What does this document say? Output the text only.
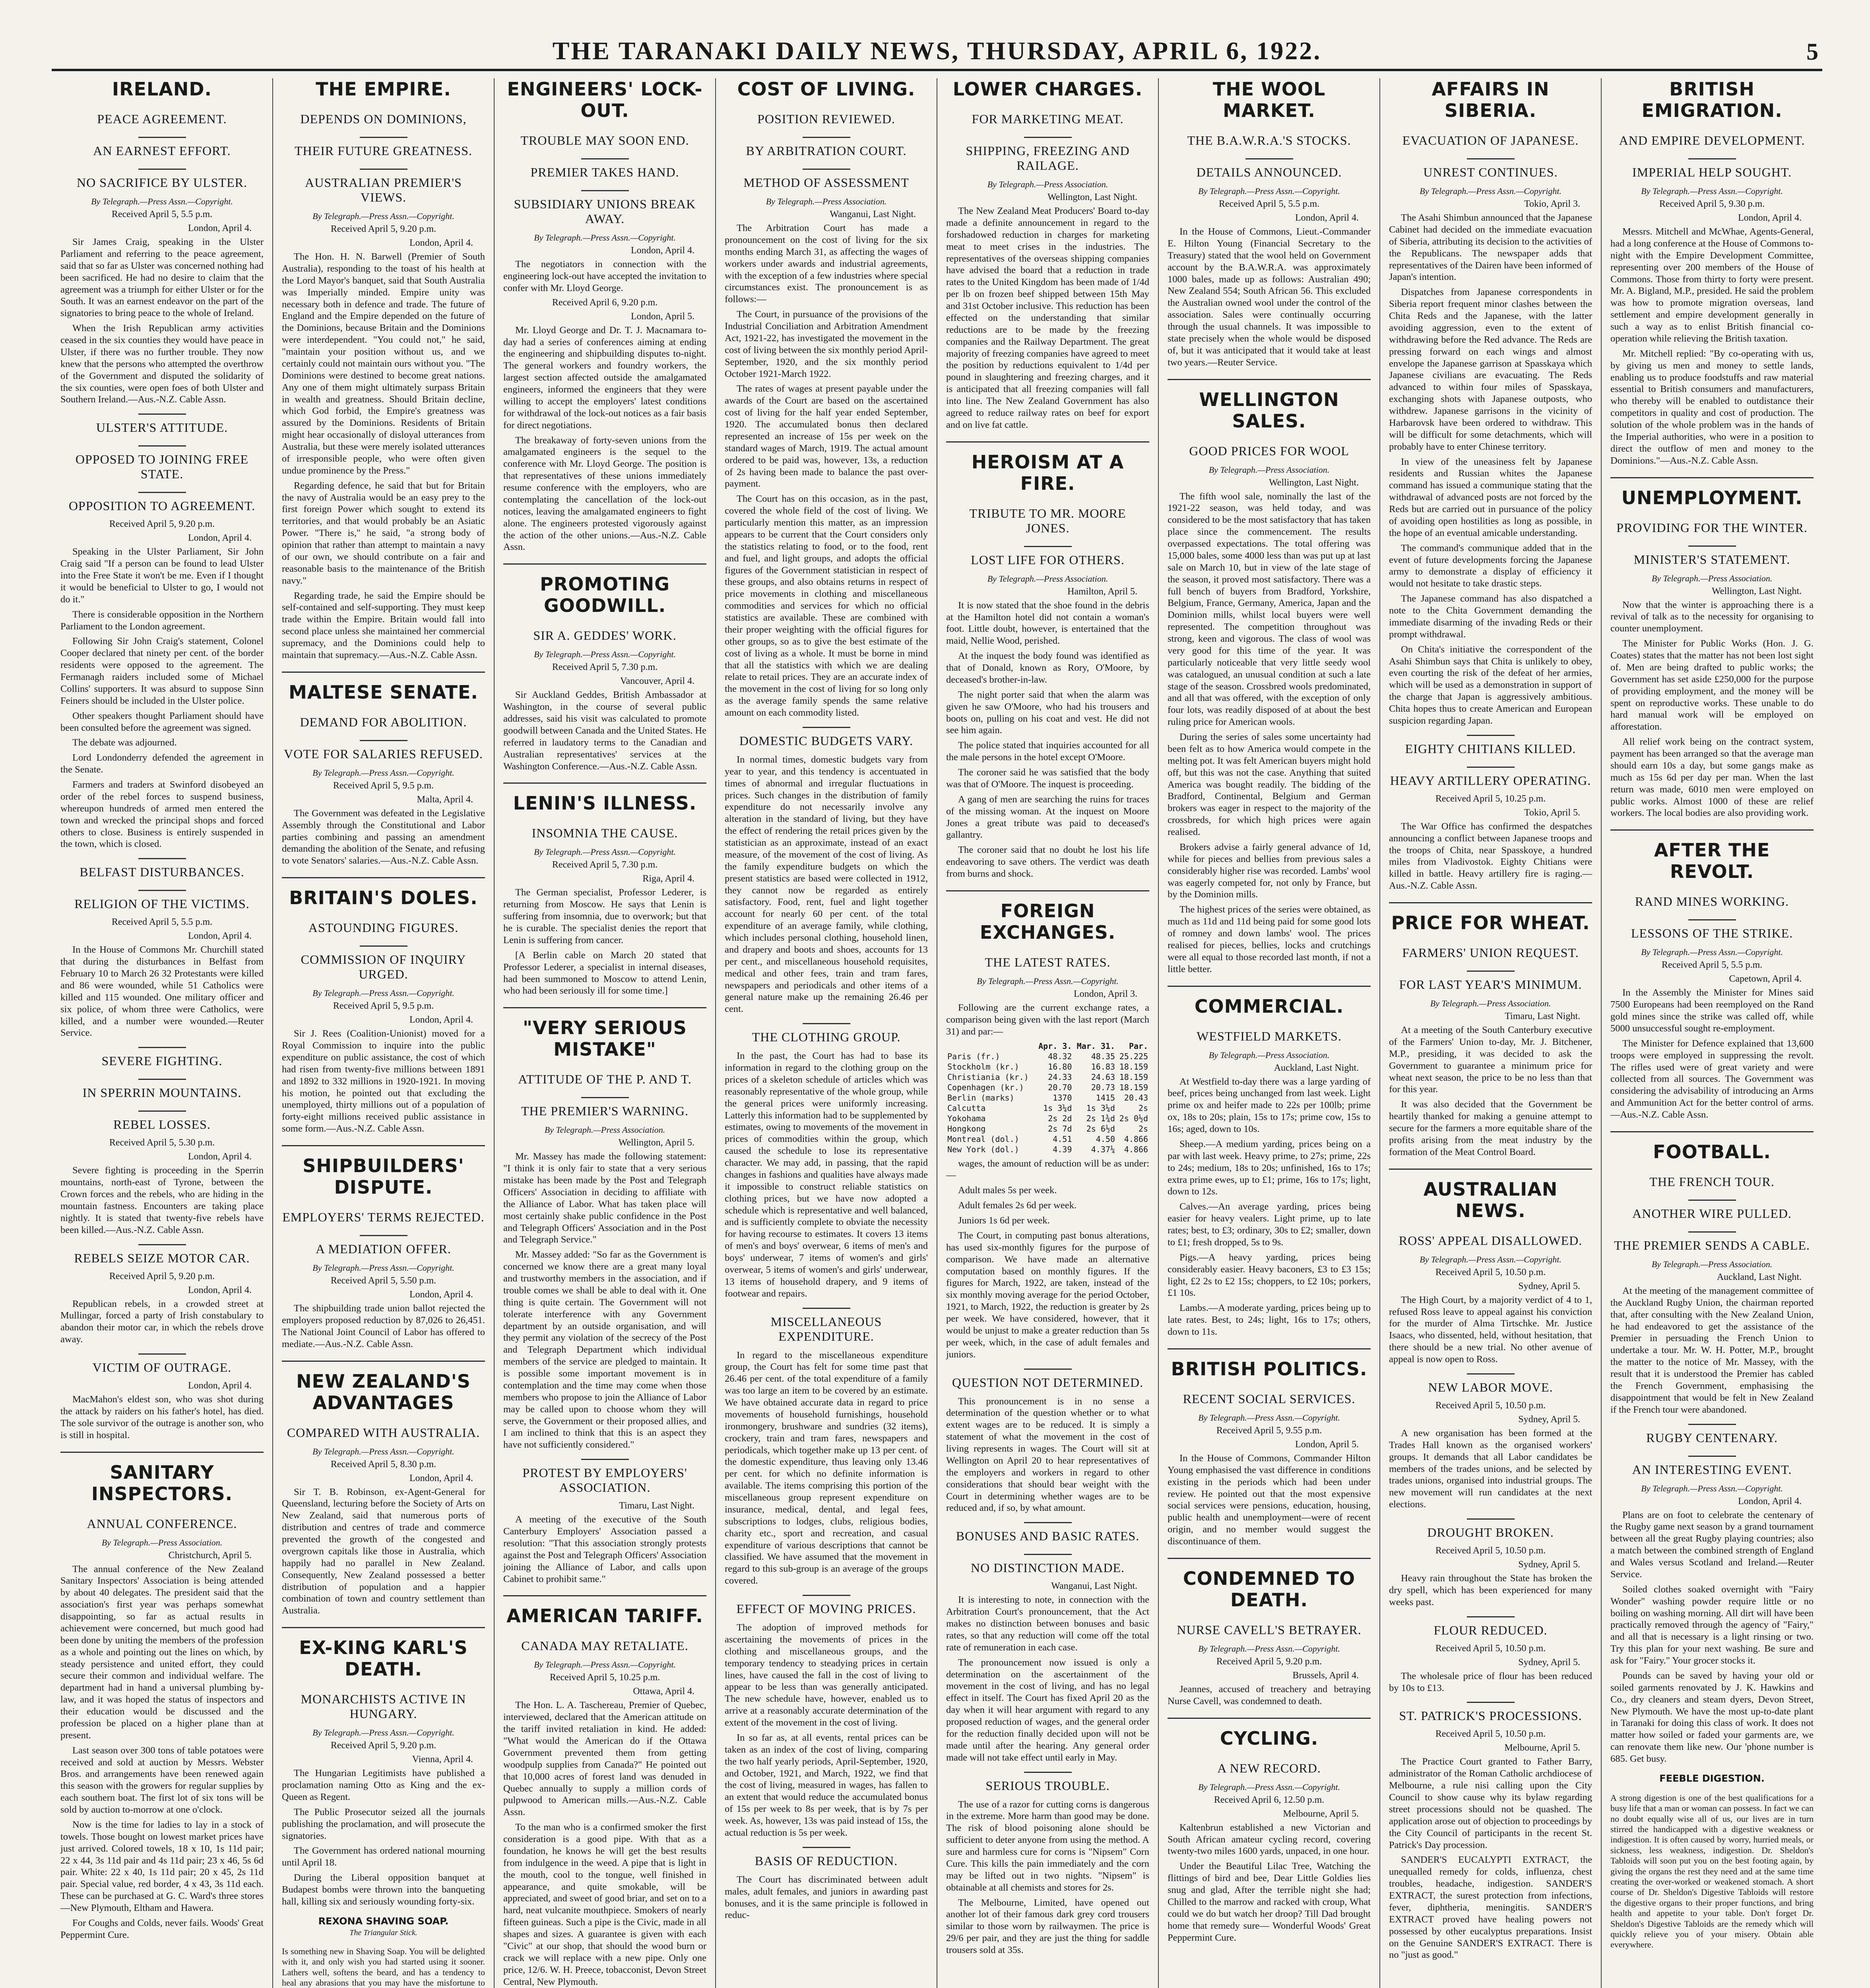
THE TARANAKI DAILY NEWS, THURSDAY, APRIL 6, 1922.	5
IRELAND.
PEACE AGREEMENT.
AN EARNEST EFFORT.
NO SACRIFICE BY ULSTER.
By Telegraph.—Press Assn.—Copyright.
Received April 5, 5.5 p.m.
London, April 4.

Sir James Craig, speaking in the Ulster Parliament and referring to the peace agreement, said that so far as Ulster was concerned nothing had been sacrificed. He had no desire to claim that the agreement was a triumph for either Ulster or for the South. It was an earnest endeavor on the part of the signatories to bring peace to the whole of Ireland.

When the Irish Republican army activities ceased in the six counties they would have peace in Ulster, if there was no further trouble. They now knew that the persons who attempted the overthrow of the Government and disputed the solidarity of the six counties, were open foes of both Ulster and Southern Ireland.—Aus.-N.Z. Cable Assn.

ULSTER'S ATTITUDE.
OPPOSED TO JOINING FREE STATE.
OPPOSITION TO AGREEMENT.
Received April 5, 9.20 p.m.
London, April 4.

Speaking in the Ulster Parliament, Sir John Craig said "If a person can be found to lead Ulster into the Free State it won't be me. Even if I thought it would be beneficial to Ulster to go, I would not do it."

There is considerable opposition in the Northern Parliament to the London agreement.

Following Sir John Craig's statement, Colonel Cooper declared that ninety per cent. of the border residents were opposed to the agreement. The Fermanagh raiders included some of Michael Collins' supporters. It was absurd to suppose Sinn Feiners should be included in the Ulster police.

Other speakers thought Parliament should have been consulted before the agreement was signed.

The debate was adjourned.

Lord Londonderry defended the agreement in the Senate.

Farmers and traders at Swinford disobeyed an order of the rebel forces to suspend business, whereupon hundreds of armed men entered the town and wrecked the principal shops and forced others to close. Business is entirely suspended in the town, which is closed.

BELFAST DISTURBANCES.
RELIGION OF THE VICTIMS.
Received April 5, 5.5 p.m.
London, April 4.

In the House of Commons Mr. Churchill stated that during the disturbances in Belfast from February 10 to March 26 32 Protestants were killed and 86 were wounded, while 51 Catholics were killed and 115 wounded. One military officer and six police, of whom three were Catholics, were killed, and a number were wounded.—Reuter Service.

SEVERE FIGHTING.
IN SPERRIN MOUNTAINS.
REBEL LOSSES.
Received April 5, 5.30 p.m.
London, April 4.

Severe fighting is proceeding in the Sperrin mountains, north-east of Tyrone, between the Crown forces and the rebels, who are hiding in the mountain fastness. Encounters are taking place nightly. It is stated that twenty-five rebels have been killed.—Aus.-N.Z. Cable Assn.

REBELS SEIZE MOTOR CAR.
Received April 5, 9.20 p.m.
London, April 4.

Republican rebels, in a crowded street at Mullingar, forced a party of Irish constabulary to abandon their motor car, in which the rebels drove away.

VICTIM OF OUTRAGE.
London, April 4.

MacMahon's eldest son, who was shot during the attack by raiders on his father's hotel, has died. The sole survivor of the outrage is another son, who is still in hospital.

SANITARY INSPECTORS.
ANNUAL CONFERENCE.
By Telegraph.—Press Association.
Christchurch, April 5.

The annual conference of the New Zealand Sanitary Inspectors' Association is being attended by about 40 delegates. The president said that the association's first year was perhaps somewhat disappointing, so far as actual results in achievement were concerned, but much good had been done by uniting the members of the profession as a whole and pointing out the lines on which, by steady persistence and united effort, they could secure their common and individual welfare. The department had in hand a universal plumbing by-law, and it was hoped the status of inspectors and their education would be discussed and the profession be placed on a higher plane than at present.

Last season over 300 tons of table potatoes were received and sold at auction by Messrs. Webster Bros. and arrangements have been renewed again this season with the growers for regular supplies by each southern boat. The first lot of six tons will be sold by auction to-morrow at one o'clock.

Now is the time for ladies to lay in a stock of towels. Those bought on lowest market prices have just arrived. Colored towels, 18 x 10, 1s 11d pair; 22 x 44, 3s 11d pair and 4s 11d pair; 23 x 46, 5s 6d pair. White: 22 x 40, 1s 11d pair; 20 x 45, 2s 11d pair. Special value, red border, 4 x 43, 3s 11d each. These can be purchased at G. C. Ward's three stores—New Plymouth, Eltham and Hawera.

For Coughs and Colds, never fails. Woods' Great Peppermint Cure.

THE EMPIRE.
DEPENDS ON DOMINIONS,
THEIR FUTURE GREATNESS.
AUSTRALIAN PREMIER'S VIEWS.
By Telegraph.—Press Assn.—Copyright.
Received April 5, 9.20 p.m.
London, April 4.

The Hon. H. N. Barwell (Premier of South Australia), responding to the toast of his health at the Lord Mayor's banquet, said that South Australia was Imperially minded. Empire unity was necessary both in defence and trade. The future of England and the Empire depended on the future of the Dominions, because Britain and the Dominions were interdependent. "You could not," he said, "maintain your position without us, and we certainly could not maintain ours without you. "The Dominions were destined to become great nations. Any one of them might ultimately surpass Britain in wealth and greatness. Should Britain decline, which God forbid, the Empire's greatness was assured by the Dominions. Residents of Britain might hear occasionally of disloyal utterances from Australia, but these were merely isolated utterances of irresponsible people, who were often given undue prominence by the Press."

Regarding defence, he said that but for Britain the navy of Australia would be an easy prey to the first foreign Power which sought to extend its territories, and that would probably be an Asiatic Power. "There is," he said, "a strong body of opinion that rather than attempt to maintain a navy of our own, we should contribute on a fair and reasonable basis to the maintenance of the British navy."

Regarding trade, he said the Empire should be self-contained and self-supporting. They must keep trade within the Empire. Britain would fall into second place unless she maintained her commercial supremacy, and the Dominions could help to maintain that supremacy.—Aus.-N.Z. Cable Assn.

MALTESE SENATE.
DEMAND FOR ABOLITION.
VOTE FOR SALARIES REFUSED.
By Telegraph.—Press Assn.—Copyright.
Received April 5, 9.5 p.m.
Malta, April 4.

The Government was defeated in the Legislative Assembly through the Constitutional and Labor parties combining and passing an amendment demanding the abolition of the Senate, and refusing to vote Senators' salaries.—Aus.-N.Z. Cable Assn.

BRITAIN'S DOLES.
ASTOUNDING FIGURES.
COMMISSION OF INQUIRY URGED.
By Telegraph.—Press Assn.—Copyright.
Received April 5, 9.5 p.m.
London, April 4.

Sir J. Rees (Coalition-Unionist) moved for a Royal Commission to inquire into the public expenditure on public assistance, the cost of which had risen from twenty-five millions between 1891 and 1892 to 332 millions in 1920-1921. In moving his motion, he pointed out that excluding the unemployed, thirty millions out of a population of forty-eight millions received public assistance in some form.—Aus.-N.Z. Cable Assn.

SHIPBUILDERS' DISPUTE.
EMPLOYERS' TERMS REJECTED.
A MEDIATION OFFER.
By Telegraph.—Press Assn.—Copyright.
Received April 5, 5.50 p.m.
London, April 4.

The shipbuilding trade union ballot rejected the employers proposed reduction by 87,026 to 26,451. The National Joint Council of Labor has offered to mediate.—Aus.-N.Z. Cable Assn.

NEW ZEALAND'S ADVANTAGES
COMPARED WITH AUSTRALIA.
By Telegraph.—Press Assn.—Copyright.
Received April 5, 8.30 p.m.
London, April 4.

Sir T. B. Robinson, ex-Agent-General for Queensland, lecturing before the Society of Arts on New Zealand, said that numerous ports of distribution and centres of trade and commerce prevented the growth of the congested and overgrown capitals like those in Australia, which happily had no parallel in New Zealand. Consequently, New Zealand possessed a better distribution of population and a happier combination of town and country settlement than Australia.

EX-KING KARL'S DEATH.
MONARCHISTS ACTIVE IN HUNGARY.
By Telegraph.—Press Assn.—Copyright.
Received April 5, 9.20 p.m.
Vienna, April 4.

The Hungarian Legitimists have published a proclamation naming Otto as King and the ex-Queen as Regent.

The Public Prosecutor seized all the journals publishing the proclamation, and will prosecute the signatories.

The Government has ordered national mourning until April 18.

During the Liberal opposition banquet at Budapest bombs were thrown into the banqueting hall, killing six and seriously wounding forty-six.

REXONA SHAVING SOAP.
The Triangular Stick.

Is something new in Shaving Soap. You will be delighted with it, and only wish you had started using it sooner. Lathers well, softens the beard, and has a tendency to heal any abrasions that you may have the misfortune to

ENGINEERS' LOCK-OUT.
TROUBLE MAY SOON END.
PREMIER TAKES HAND.
SUBSIDIARY UNIONS BREAK AWAY.
By Telegraph.—Press Assn.—Copyright.
London, April 4.

The negotiators in connection with the engineering lock-out have accepted the invitation to confer with Mr. Lloyd George.

Received April 6, 9.20 p.m.
London, April 5.

Mr. Lloyd George and Dr. T. J. Macnamara to-day had a series of conferences aiming at ending the engineering and shipbuilding disputes to-night. The general workers and foundry workers, the largest section affected outside the amalgamated engineers, informed the engineers that they were willing to accept the employers' latest conditions for withdrawal of the lock-out notices as a fair basis for direct negotiations.

The breakaway of forty-seven unions from the amalgamated engineers is the sequel to the conference with Mr. Lloyd George. The position is that representatives of these unions immediately resume conference with the employers, who are contemplating the cancellation of the lock-out notices, leaving the amalgamated engineers to fight alone. The engineers protested vigorously against the action of the other unions.—Aus.-N.Z. Cable Assn.

PROMOTING GOODWILL.
SIR A. GEDDES' WORK.
By Telegraph.—Press Assn.—Copyright.
Received April 5, 7.30 p.m.
Vancouver, April 4.

Sir Auckland Geddes, British Ambassador at Washington, in the course of several public addresses, said his visit was calculated to promote goodwill between Canada and the United States. He referred in laudatory terms to the Canadian and Australian representatives' services at the Washington Conference.—Aus.-N.Z. Cable Assn.

LENIN'S ILLNESS.
INSOMNIA THE CAUSE.
By Telegraph.—Press Assn.—Copyright.
Received April 5, 7.30 p.m.
Riga, April 4.

The German specialist, Professor Lederer, is returning from Moscow. He says that Lenin is suffering from insomnia, due to overwork; but that he is curable. The specialist denies the report that Lenin is suffering from cancer.

[A Berlin cable on March 20 stated that Professor Lederer, a specialist in internal diseases, had been summoned to Moscow to attend Lenin, who had been seriously ill for some time.]

"VERY SERIOUS MISTAKE"
ATTITUDE OF THE P. AND T.
THE PREMIER'S WARNING.
By Telegraph.—Press Association.
Wellington, April 5.

Mr. Massey has made the following statement: "I think it is only fair to state that a very serious mistake has been made by the Post and Telegraph Officers' Association in deciding to affiliate with the Alliance of Labor. What has taken place will most certainly shake public confidence in the Post and Telegraph Officers' Association and in the Post and Telegraph Service."

Mr. Massey added: "So far as the Government is concerned we know there are a great many loyal and trustworthy members in the association, and if trouble comes we shall be able to deal with it. One thing is quite certain. The Government will not tolerate interference with any Government department by an outside organisation, and will they permit any violation of the secrecy of the Post and Telegraph Department which individual members of the service are pledged to maintain. It is possible some important movement is in contemplation and the time may come when those members who propose to join the Alliance of Labor may be called upon to choose whom they will serve, the Government or their proposed allies, and I am inclined to think that this is an aspect they have not sufficiently considered."

PROTEST BY EMPLOYERS' ASSOCIATION.
Timaru, Last Night.

A meeting of the executive of the South Canterbury Employers' Association passed a resolution: "That this association strongly protests against the Post and Telegraph Officers' Association joining the Alliance of Labor, and calls upon Cabinet to prohibit same."

AMERICAN TARIFF.
CANADA MAY RETALIATE.
By Telegraph.—Press Assn.—Copyright.
Received April 5, 10.25 p.m.
Ottawa, April 4.

The Hon. L. A. Taschereau, Premier of Quebec, interviewed, declared that the American attitude on the tariff invited retaliation in kind. He added: "What would the American do if the Ottawa Government prevented them from getting woodpulp supplies from Canada?" He pointed out that 10,000 acres of forest land was denuded in Quebec annually to supply a million cords of pulpwood to American mills.—Aus.-N.Z. Cable Assn.

To the man who is a confirmed smoker the first consideration is a good pipe. With that as a foundation, he knows he will get the best results from indulgence in the weed. A pipe that is light in the mouth, cool to the tongue, well finished in appearance, and quite smokable, will be appreciated, and sweet of good briar, and set on to a hard, neat vulcanite mouthpiece. Smokers of nearly fifteen guineas. Such a pipe is the Civic, made in all shapes and sizes. A guarantee is given with each "Civic" at our shop, that should the wood burn or crack we will replace with a new pipe. Only one price, 12/6. W. H. Preece, tobacconist, Devon Street Central, New Plymouth.

COST OF LIVING.
POSITION REVIEWED.
BY ARBITRATION COURT.
METHOD OF ASSESSMENT
By Telegraph.—Press Association.
Wanganui, Last Night.

The Arbitration Court has made a pronouncement on the cost of living for the six months ending March 31, as affecting the wages of workers under awards and industrial agreements, with the exception of a few industries where special circumstances exist. The pronouncement is as follows:—

The Court, in pursuance of the provisions of the Industrial Conciliation and Arbitration Amendment Act, 1921-22, has investigated the movement in the cost of living between the six monthly period April-September, 1920, and the six monthly period October 1921-March 1922.

The rates of wages at present payable under the awards of the Court are based on the ascertained cost of living for the half year ended September, 1920. The accumulated bonus then declared represented an increase of 15s per week on the standard wages of March, 1919. The actual amount ordered to be paid was, however, 13s, a reduction of 2s having been made to balance the past over-payment.

The Court has on this occasion, as in the past, covered the whole field of the cost of living. We particularly mention this matter, as an impression appears to be current that the Court considers only the statistics relating to food, or to the food, rent and fuel, and light groups, and adopts the official figures of the Government statistician in respect of these groups, and also obtains returns in respect of price movements in clothing and miscellaneous commodities and services for which no official statistics are available. These are combined with their proper weighting with the official figures for other groups, so as to give the best estimate of the cost of living as a whole. It must be borne in mind that all the statistics with which we are dealing relate to retail prices. They are an accurate index of the movement in the cost of living for so long only as the average family spends the same relative amount on each commodity listed.

DOMESTIC BUDGETS VARY.

In normal times, domestic budgets vary from year to year, and this tendency is accentuated in times of abnormal and irregular fluctuations in prices. Such changes in the distribution of family expenditure do not necessarily involve any alteration in the standard of living, but they have the effect of rendering the retail prices given by the statistician as an approximate, instead of an exact measure, of the movement of the cost of living. As the family expenditure budgets on which the present statistics are based were collected in 1912, they cannot now be regarded as entirely satisfactory. Food, rent, fuel and light together account for nearly 60 per cent. of the total expenditure of an average family, while clothing, which includes personal clothing, household linen, and drapery and boots and shoes, accounts for 13 per cent., and miscellaneous household requisites, medical and other fees, train and tram fares, newspapers and periodicals and other items of a general nature make up the remaining 26.46 per cent.

THE CLOTHING GROUP.

In the past, the Court has had to base its information in regard to the clothing group on the prices of a skeleton schedule of articles which was reasonably representative of the whole group, while the general prices were uniformly increasing. Latterly this information had to be supplemented by estimates, owing to movements of the movement in prices of commodities within the group, which caused the schedule to lose its representative character. We may add, in passing, that the rapid changes in fashions and qualities have always made it impossible to construct reliable statistics on clothing prices, but we have now adopted a schedule which is representative and well balanced, and is sufficiently complete to obviate the necessity for having recourse to estimates. It covers 13 items of men's and boys' overwear, 6 items of men's and boys' underwear, 7 items of women's and girls' overwear, 5 items of women's and girls' underwear, 13 items of household drapery, and 9 items of footwear and repairs.

MISCELLANEOUS EXPENDITURE.

In regard to the miscellaneous expenditure group, the Court has felt for some time past that 26.46 per cent. of the total expenditure of a family was too large an item to be covered by an estimate. We have obtained accurate data in regard to price movements of household furnishings, household ironmongery, brushware and sundries (32 items), crockery, train and tram fares, newspapers and periodicals, which together make up 13 per cent. of the domestic expenditure, thus leaving only 13.46 per cent. for which no definite information is available. The items comprising this portion of the miscellaneous group represent expenditure on insurance, medical, dental, and legal fees, subscriptions to lodges, clubs, religious bodies, charity etc., sport and recreation, and casual expenditure of various descriptions that cannot be classified. We have assumed that the movement in regard to this sub-group is an average of the groups covered.

EFFECT OF MOVING PRICES.

The adoption of improved methods for ascertaining the movements of prices in the clothing and miscellaneous groups, and the temporary tendency to steadying prices in certain lines, have caused the fall in the cost of living to appear to be less than was generally anticipated. The new schedule have, however, enabled us to arrive at a reasonably accurate determination of the extent of the movement in the cost of living.

In so far as, at all events, rental prices can be taken as an index of the cost of living, comparing the two half yearly periods, April-September, 1920, and October, 1921, and March, 1922, we find that the cost of living, measured in wages, has fallen to an extent that would reduce the accumulated bonus of 15s per week to 8s per week, that is by 7s per week. As, however, 13s was paid instead of 15s, the actual reduction is 5s per week.

BASIS OF REDUCTION.

The Court has discriminated between adult males, adult females, and juniors in awarding past bonuses, and it is the same principle is followed in reduc-

LOWER CHARGES.
FOR MARKETING MEAT.
SHIPPING, FREEZING AND RAILAGE.
By Telegraph.—Press Association.
Wellington, Last Night.

The New Zealand Meat Producers' Board to-day made a definite announcement in regard to the forshadowed reduction in charges for marketing meat to meet crises in the industries. The representatives of the overseas shipping companies have advised the board that a reduction in trade rates to the United Kingdom has been made of 1/4d per lb on frozen beef shipped between 15th May and 31st October inclusive. This reduction has been effected on the understanding that similar reductions are to be made by the freezing companies and the Railway Department. The great majority of freezing companies have agreed to meet the position by reductions equivalent to 1/4d per pound in slaughtering and freezing charges, and it is anticipated that all freezing companies will fall into line. The New Zealand Government has also agreed to reduce railway rates on beef for export and on live fat cattle.

HEROISM AT A FIRE.
TRIBUTE TO MR. MOORE JONES.
LOST LIFE FOR OTHERS.
By Telegraph.—Press Association.
Hamilton, April 5.

It is now stated that the shoe found in the debris at the Hamilton hotel did not contain a woman's foot. Little doubt, however, is entertained that the maid, Nellie Wood, perished.

At the inquest the body found was identified as that of Donald, known as Rory, O'Moore, by deceased's brother-in-law.

The night porter said that when the alarm was given he saw O'Moore, who had his trousers and boots on, pulling on his coat and vest. He did not see him again.

The police stated that inquiries accounted for all the male persons in the hotel except O'Moore.

The coroner said he was satisfied that the body was that of O'Moore. The inquest is proceeding.

A gang of men are searching the ruins for traces of the missing woman. At the inquest on Moore Jones a great tribute was paid to deceased's gallantry.

The coroner said that no doubt he lost his life endeavoring to save others. The verdict was death from burns and shock.

FOREIGN EXCHANGES.
THE LATEST RATES.
By Telegraph.—Press Assn.—Copyright.
London, April 3.

Following are the current exchange rates, a comparison being given with the last report (March 31) and par:—

	Apr. 3.	Mar. 31.	Par.
Paris (fr.)	48.32	48.35	25.225
Stockholm (kr.)	16.80	16.83	18.159
Christiania (kr.)	24.33	24.63	18.159
Copenhagen (kr.)	20.70	20.73	18.159
Berlin (marks)	1370	1415	20.43
Calcutta	1s 3¼d	1s 3¼d	2s
Yokohama	2s 2d	2s 1¾d	2s 0½d
Hongkong	2s 7d	2s 6½d	2s
Montreal (dol.)	4.51	4.50	4.866
New York (dol.)	4.39	4.37¼	4.866

wages, the amount of reduction will be as under:—

Adult males 5s per week.

Adult females 2s 6d per week.

Juniors 1s 6d per week.

The Court, in computing past bonus alterations, has used six-monthly figures for the purpose of comparison. We have made an alternative computation based on monthly figures. If the figures for March, 1922, are taken, instead of the six monthly moving average for the period October, 1921, to March, 1922, the reduction is greater by 2s per week. We have considered, however, that it would be unjust to make a greater reduction than 5s per week, which, in the case of adult females and juniors.

QUESTION NOT DETERMINED.

This pronouncement is in no sense a determination of the question whether or to what extent wages are to be reduced. It is simply a statement of what the movement in the cost of living represents in wages. The Court will sit at Wellington on April 20 to hear representatives of the employers and workers in regard to other considerations that should bear weight with the Court in determining whether wages are to be reduced and, if so, by what amount.

BONUSES AND BASIC RATES.
NO DISTINCTION MADE.
Wanganui, Last Night.

It is interesting to note, in connection with the Arbitration Court's pronouncement, that the Act makes no distinction between bonuses and basic rates, so that any reduction will come off the total rate of remuneration in each case.

The pronouncement now issued is only a determination on the ascertainment of the movement in the cost of living, and has no legal effect in itself. The Court has fixed April 20 as the day when it will hear argument with regard to any proposed reduction of wages, and the general order for the reduction finally decided upon will not be made until after the hearing. Any general order made will not take effect until early in May.

SERIOUS TROUBLE.

The use of a razor for cutting corns is dangerous in the extreme. More harm than good may be done. The risk of blood poisoning alone should be sufficient to deter anyone from using the method. A sure and harmless cure for corns is "Nipsem" Corn Cure. This kills the pain immediately and the corn may be lifted out in two nights. "Nipsem" is obtainable at all chemists and stores for 2s.

The Melbourne, Limited, have opened out another lot of their famous dark grey cord trousers similar to those worn by railwaymen. The price is 29/6 per pair, and they are just the thing for saddle trousers sold at 35s.

THE WOOL MARKET.
THE B.A.W.R.A.'S STOCKS.
DETAILS ANNOUNCED.
By Telegraph.—Press Assn.—Copyright.
Received April 5, 5.5 p.m.
London, April 4.

In the House of Commons, Lieut.-Commander E. Hilton Young (Financial Secretary to the Treasury) stated that the wool held on Government account by the B.A.W.R.A. was approximately 1000 bales, made up as follows: Australian 490; New Zealand 554; South African 56. This excluded the Australian owned wool under the control of the association. Sales were continually occurring through the usual channels. It was impossible to state precisely when the whole would be disposed of, but it was anticipated that it would take at least two years.—Reuter Service.

WELLINGTON SALES.
GOOD PRICES FOR WOOL
By Telegraph.—Press Association.
Wellington, Last Night.

The fifth wool sale, nominally the last of the 1921-22 season, was held today, and was considered to be the most satisfactory that has taken place since the commencement. The results overpassed expectations. The total offering was 15,000 bales, some 4000 less than was put up at last sale on March 10, but in view of the late stage of the season, it proved most satisfactory. There was a full bench of buyers from Bradford, Yorkshire, Belgium, France, Germany, America, Japan and the Dominion mills, whilst local buyers were well represented. The competition throughout was strong, keen and vigorous. The class of wool was very good for this time of the year. It was particularly noticeable that very little seedy wool was catalogued, an unusual condition at such a late stage of the season. Crossbred wools predominated, and all that was offered, with the exception of only four lots, was readily disposed of at about the best ruling price for American wools.

During the series of sales some uncertainty had been felt as to how America would compete in the melting pot. It was felt American buyers might hold off, but this was not the case. Anything that suited America was bought readily. The bidding of the Bradford, Continental, Belgium and German brokers was eager in respect to the majority of the crossbreds, for which high prices were again realised.

Brokers advise a fairly general advance of 1d, while for pieces and bellies from previous sales a considerably higher rise was recorded. Lambs' wool was eagerly competed for, not only by France, but by the Dominion mills.

The highest prices of the series were obtained, as much as 11d and 11d being paid for some good lots of romney and down lambs' wool. The prices realised for pieces, bellies, locks and crutchings were all equal to those recorded last month, if not a little better.

COMMERCIAL.
WESTFIELD MARKETS.
By Telegraph.—Press Association.
Auckland, Last Night.

At Westfield to-day there was a large yarding of beef, prices being unchanged from last week. Light prime ox and heifer made to 22s per 100lb; prime ox, 18s to 20s; plain, 15s to 17s; prime cow, 15s to 16s; aged, down to 10s.

Sheep.—A medium yarding, prices being on a par with last week. Heavy prime, to 27s; prime, 22s to 24s; medium, 18s to 20s; unfinished, 16s to 17s; extra prime ewes, up to £1; prime, 16s to 17s; light, down to 12s.

Calves.—An average yarding, prices being easier for heavy vealers. Light prime, up to late rates; best, to £3; ordinary, 30s to £2; smaller, down to £1; fresh dropped, 5s to 9s.

Pigs.—A heavy yarding, prices being considerably easier. Heavy baconers, £3 to £3 15s; light, £2 2s to £2 15s; choppers, to £2 10s; porkers, £1 10s.

Lambs.—A moderate yarding, prices being up to late rates. Best, to 24s; light, 16s to 17s; others, down to 11s.

BRITISH POLITICS.
RECENT SOCIAL SERVICES.
By Telegraph.—Press Assn.—Copyright.
Received April 5, 9.55 p.m.
London, April 5.

In the House of Commons, Commander Hilton Young emphasised the vast difference in conditions existing in the periods which had been under review. He pointed out that the most expensive social services were pensions, education, housing, public health and unemployment—were of recent origin, and no member would suggest the discontinuance of them.

CONDEMNED TO DEATH.
NURSE CAVELL'S BETRAYER.
By Telegraph.—Press Assn.—Copyright.
Received April 5, 9.20 p.m.
Brussels, April 4.

Jeannes, accused of treachery and betraying Nurse Cavell, was condemned to death.

CYCLING.
A NEW RECORD.
By Telegraph.—Press Assn.—Copyright.
Received April 6, 12.50 p.m.
Melbourne, April 5.

Kaltenbrun established a new Victorian and South African amateur cycling record, covering twenty-two miles 1600 yards, unpaced, in one hour.

Under the Beautiful Lilac Tree, Watching the flittings of bird and bee, Dear Little Goldies lies snug and glad, After the terrible night she had; Chilled to the marrow and racked with croup, What could we do but watch her droop? Till Dad brought home that remedy sure— Wonderful Woods' Great Peppermint Cure.

AFFAIRS IN SIBERIA.
EVACUATION OF JAPANESE.
UNREST CONTINUES.
By Telegraph.—Press Assn.—Copyright.
Tokio, April 3.

The Asahi Shimbun announced that the Japanese Cabinet had decided on the immediate evacuation of Siberia, attributing its decision to the activities of the Republicans. The newspaper adds that representatives of the Dairen have been informed of Japan's intention.

Dispatches from Japanese correspondents in Siberia report frequent minor clashes between the Chita Reds and the Japanese, with the latter avoiding aggression, even to the extent of withdrawing before the Red advance. The Reds are pressing forward on each wings and almost envelope the Japanese garrison at Spasskaya which Japanese civilians are evacuating. The Reds advanced to within four miles of Spasskaya, exchanging shots with Japanese outposts, who withdrew. Japanese garrisons in the vicinity of Harbarovsk have been ordered to withdraw. This will be difficult for some detachments, which will probably have to enter Chinese territory.

In view of the uneasiness felt by Japanese residents and Russian whites the Japanese command has issued a communique stating that the withdrawal of advanced posts are not forced by the Reds but are carried out in pursuance of the policy of avoiding open hostilities as long as possible, in the hope of an eventual amicable understanding.

The command's communique added that in the event of future developments forcing the Japanese army to demonstrate a display of efficiency it would not hesitate to take drastic steps.

The Japanese command has also dispatched a note to the Chita Government demanding the immediate disarming of the invading Reds or their prompt withdrawal.

On Chita's initiative the correspondent of the Asahi Shimbun says that Chita is unlikely to obey, even courting the risk of the defeat of her armies, which will be used as a demonstration in support of the charge that Japan is aggressively ambitious. Chita hopes thus to create American and European suspicion regarding Japan.

EIGHTY CHITIANS KILLED.
HEAVY ARTILLERY OPERATING.
Received April 5, 10.25 p.m.
Tokio, April 5.

The War Office has confirmed the despatches announcing a conflict between Japanese troops and the troops of Chita, near Spasskoye, a hundred miles from Vladivostok. Eighty Chitians were killed in battle. Heavy artillery fire is raging.—Aus.-N.Z. Cable Assn.

PRICE FOR WHEAT.
FARMERS' UNION REQUEST.
FOR LAST YEAR'S MINIMUM.
By Telegraph.—Press Association.
Timaru, Last Night.

At a meeting of the South Canterbury executive of the Farmers' Union to-day, Mr. J. Bitchener, M.P., presiding, it was decided to ask the Government to guarantee a minimum price for wheat next season, the price to be no less than that for this year.

It was also decided that the Government be heartily thanked for making a genuine attempt to secure for the farmers a more equitable share of the profits arising from the meat industry by the formation of the Meat Control Board.

AUSTRALIAN NEWS.
ROSS' APPEAL DISALLOWED.
By Telegraph.—Press Assn.—Copyright.
Received April 5, 10.50 p.m.
Sydney, April 5.

The High Court, by a majority verdict of 4 to 1, refused Ross leave to appeal against his conviction for the murder of Alma Tirtschke. Mr. Justice Isaacs, who dissented, held, without hesitation, that there should be a new trial. No other avenue of appeal is now open to Ross.

NEW LABOR MOVE.
Received April 5, 10.50 p.m.
Sydney, April 5.

A new organisation has been formed at the Trades Hall known as the organised workers' groups. It demands that all Labor candidates be members of the trades unions, and be selected by trades unions, organised into industrial groups. The new movement will run candidates at the next elections.

DROUGHT BROKEN.
Received April 5, 10.50 p.m.
Sydney, April 5.

Heavy rain throughout the State has broken the dry spell, which has been experienced for many weeks past.

FLOUR REDUCED.
Received April 5, 10.50 p.m.
Sydney, April 5.

The wholesale price of flour has been reduced by 10s to £13.

ST. PATRICK'S PROCESSIONS.
Received April 5, 10.50 p.m.
Melbourne, April 5.

The Practice Court granted to Father Barry, administrator of the Roman Catholic archdiocese of Melbourne, a rule nisi calling upon the City Council to show cause why its bylaw regarding street processions should not be quashed. The application arose out of objection to proceedings by the City Council of participants in the recent St. Patrick's Day procession.

SANDER'S EUCALYPTI EXTRACT, the unequalled remedy for colds, influenza, chest troubles, headache, indigestion. SANDER'S EXTRACT, the surest protection from infections, fever, diphtheria, meningitis. SANDER'S EXTRACT proved have healing powers not possessed by other eucalyptus preparations. Insist on the Genuine SANDER'S EXTRACT. There is no "just as good."

BRITISH EMIGRATION.
AND EMPIRE DEVELOPMENT.
IMPERIAL HELP SOUGHT.
By Telegraph.—Press Assn.—Copyright.
Received April 5, 9.30 p.m.
London, April 4.

Messrs. Mitchell and McWhae, Agents-General, had a long conference at the House of Commons to-night with the Empire Development Committee, representing over 200 members of the House of Commons. Those from thirty to forty were present. Mr. A. Bigland, M.P., presided. He said the problem was how to promote migration overseas, land settlement and empire development generally in such a way as to enlist British financial co-operation while relieving the British taxation.

Mr. Mitchell replied: "By co-operating with us, by giving us men and money to settle lands, enabling us to produce foodstuffs and raw material essential to British consumers and manufacturers, who thereby will be enabled to outdistance their competitors in quality and cost of production. The solution of the whole problem was in the hands of the Imperial authorities, who were in a position to direct the outflow of men and money to the Dominions."—Aus.-N.Z. Cable Assn.

UNEMPLOYMENT.
PROVIDING FOR THE WINTER.
MINISTER'S STATEMENT.
By Telegraph.—Press Association.
Wellington, Last Night.

Now that the winter is approaching there is a revival of talk as to the necessity for organising to counter unemployment.

The Minister for Public Works (Hon. J. G. Coates) states that the matter has not been lost sight of. Men are being drafted to public works; the Government has set aside £250,000 for the purpose of providing employment, and the money will be spent on reproductive works. These unable to do hard manual work will be employed on afforestation.

All relief work being on the contract system, payment has been arranged so that the average man should earn 10s a day, but some gangs make as much as 15s 6d per day per man. When the last return was made, 6010 men were employed on public works. Almost 1000 of these are relief workers. The local bodies are also providing work.

AFTER THE REVOLT.
RAND MINES WORKING.
LESSONS OF THE STRIKE.
By Telegraph.—Press Assn.—Copyright.
Received April 5, 5.5 p.m.
Capetown, April 4.

In the Assembly the Minister for Mines said 7500 Europeans had been reemployed on the Rand gold mines since the strike was called off, while 5000 unsuccessful sought re-employment.

The Minister for Defence explained that 13,600 troops were employed in suppressing the revolt. The rifles used were of great variety and were collected from all sources. The Government was considering the advisability of introducing an Arms and Ammunition Act for the better control of arms.—Aus.-N.Z. Cable Assn.

FOOTBALL.
THE FRENCH TOUR.
ANOTHER WIRE PULLED.
THE PREMIER SENDS A CABLE.
By Telegraph.—Press Association.
Auckland, Last Night.

At the meeting of the management committee of the Auckland Rugby Union, the chairman reported that, after consulting with the New Zealand Union, he had endeavored to get the assistance of the Premier in persuading the French Union to undertake a tour. Mr. W. H. Potter, M.P., brought the matter to the notice of Mr. Massey, with the result that it is understood the Premier has cabled the French Government, emphasising the disappointment that would be felt in New Zealand if the French tour were abandoned.

RUGBY CENTENARY.
AN INTERESTING EVENT.
By Telegraph.—Press Assn.—Copyright.
London, April 4.

Plans are on foot to celebrate the centenary of the Rugby game next season by a grand tournament between all the great Rugby playing countries; also a match between the combined strength of England and Wales versus Scotland and Ireland.—Reuter Service.

Soiled clothes soaked overnight with "Fairy Wonder" washing powder require little or no boiling on washing morning. All dirt will have been practically removed through the agency of "Fairy," and all that is necessary is a light rinsing or two. Try this plan for your next washing. Be sure and ask for "Fairy." Your grocer stocks it.

Pounds can be saved by having your old or soiled garments renovated by J. K. Hawkins and Co., dry cleaners and steam dyers, Devon Street, New Plymouth. We have the most up-to-date plant in Taranaki for doing this class of work. It does not matter how soiled or faded your garments are, we can renovate them like new. Our 'phone number is 685. Get busy.

FEEBLE DIGESTION.

A strong digestion is one of the best qualifications for a busy life that a man or woman can possess. In fact we can no doubt equally wise all of us, our lives are in turn stirred the handicapped with a digestive weakness or indigestion. It is often caused by worry, hurried meals, or sickness, less weakness, indigestion. Dr. Sheldon's Tabloids will soon put you on the best footing again, by giving the organs the rest they need and at the same time creating the over-worked or weakened stomach. A short course of Dr. Sheldon's Digestive Tabloids will restore the digestive organs to their proper functions, and bring health and appetite to your table. Don't forget Dr. Sheldon's Digestive Tabloids are the remedy which will quickly relieve you of your misery. Obtain able everywhere.
